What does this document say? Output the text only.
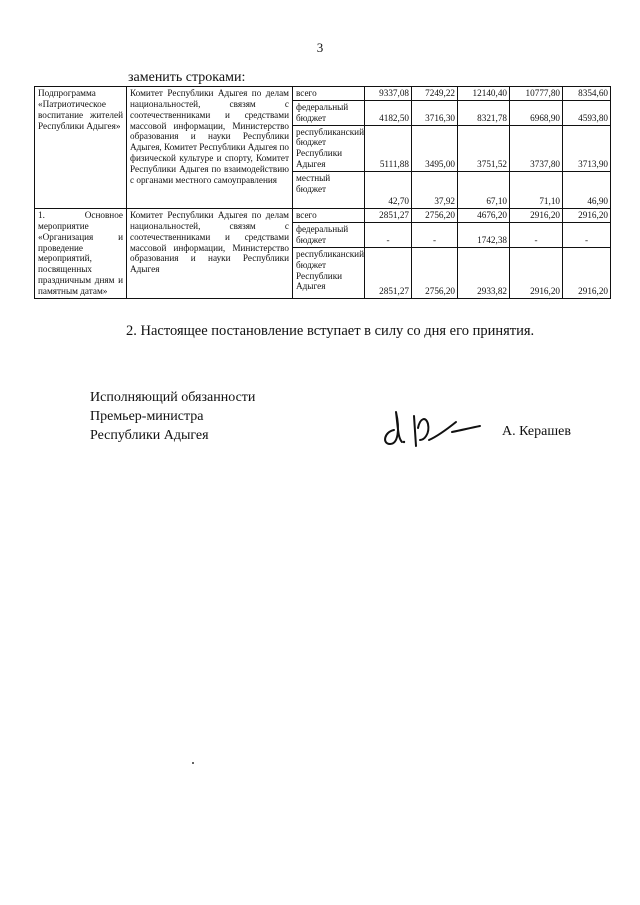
3
заменить строками:
Подпрограмма «Патриотическое воспитание жителей Республики Адыгея»	Комитет Республики Адыгея по делам национальностей, связям с соотечественниками и средствами массовой информации, Министерство образования и науки Республики Адыгея, Комитет Республики Адыгея по физической культуре и спорту, Комитет Республики Адыгея по взаимодействию с органами местного самоуправления	всего	9337,08	7249,22	12140,40	10777,80	8354,60
		федеральный бюджет	4182,50	3716,30	8321,78	6968,90	4593,80
		республиканский бюджет Республики Адыгея	5111,88	3495,00	3751,52	3737,80	3713,90
		местный бюджет	42,70	37,92	67,10	71,10	46,90
1. Основное мероприятие «Организация и проведение мероприятий, посвященных праздничным дням и памятным датам»	Комитет Республики Адыгея по делам национальностей, связям с соотечественниками и средствами массовой информации, Министерство образования и науки Республики Адыгея	всего	2851,27	2756,20	4676,20	2916,20	2916,20
		федеральный бюджет	-	-	1742,38	-	-
		республиканский бюджет Республики Адыгея	2851,27	2756,20	2933,82	2916,20	2916,20
2. Настоящее постановление вступает в силу со дня его принятия.
Исполняющий обязанности
Премьер-министра
Республики Адыгея	А. Керашев
